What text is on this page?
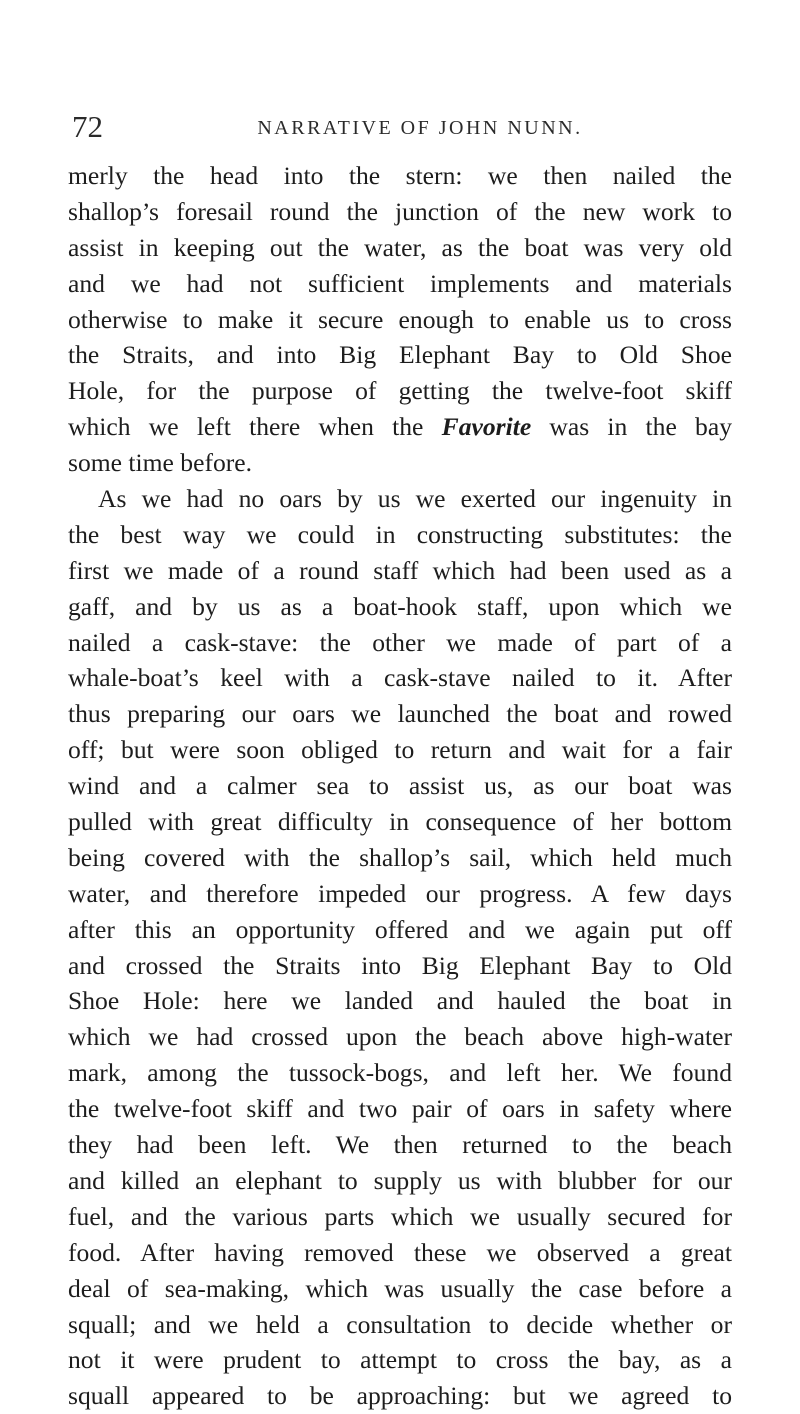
72	NARRATIVE OF JOHN NUNN.
merly the head into the stern: we then nailed the
shallop’s foresail round the junction of the new work to
assist in keeping out the water, as the boat was very old
and we had not sufficient implements and materials
otherwise to make it secure enough to enable us to cross
the Straits, and into Big Elephant Bay to Old Shoe
Hole, for the purpose of getting the twelve-foot skiff
which we left there when the Favorite was in the bay
some time before.
As we had no oars by us we exerted our ingenuity in
the best way we could in constructing substitutes: the
first we made of a round staff which had been used as a
gaff, and by us as a boat-hook staff, upon which we
nailed a cask-stave: the other we made of part of a
whale-boat’s keel with a cask-stave nailed to it. After
thus preparing our oars we launched the boat and rowed
off; but were soon obliged to return and wait for a fair
wind and a calmer sea to assist us, as our boat was
pulled with great difficulty in consequence of her bottom
being covered with the shallop’s sail, which held much
water, and therefore impeded our progress. A few days
after this an opportunity offered and we again put off
and crossed the Straits into Big Elephant Bay to Old
Shoe Hole: here we landed and hauled the boat in
which we had crossed upon the beach above high-water
mark, among the tussock-bogs, and left her. We found
the twelve-foot skiff and two pair of oars in safety where
they had been left. We then returned to the beach
and killed an elephant to supply us with blubber for our
fuel, and the various parts which we usually secured for
food. After having removed these we observed a great
deal of sea-making, which was usually the case before a
squall; and we held a consultation to decide whether or
not it were prudent to attempt to cross the bay, as a
squall appeared to be approaching: but we agreed to
